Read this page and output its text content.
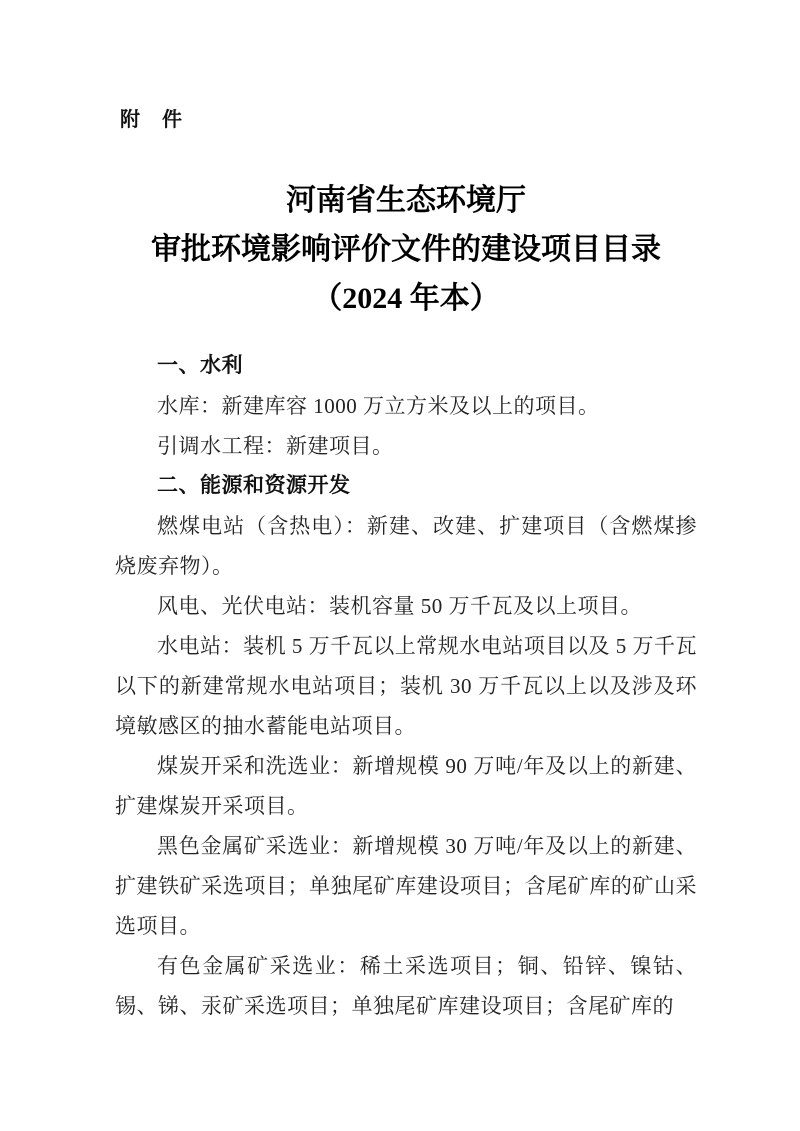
附　件
河南省生态环境厅
审批环境影响评价文件的建设项目目录
（2024 年本）
一、水利

水库：新建库容 1000 万立方米及以上的项目。

引调水工程：新建项目。

二、能源和资源开发

燃煤电站（含热电）：新建、改建、扩建项目（含燃煤掺烧废弃物）。

风电、光伏电站：装机容量 50 万千瓦及以上项目。

水电站：装机 5 万千瓦以上常规水电站项目以及 5 万千瓦以下的新建常规水电站项目；装机 30 万千瓦以上以及涉及环境敏感区的抽水蓄能电站项目。

煤炭开采和洗选业：新增规模 90 万吨/年及以上的新建、扩建煤炭开采项目。

黑色金属矿采选业：新增规模 30 万吨/年及以上的新建、扩建铁矿采选项目；单独尾矿库建设项目；含尾矿库的矿山采选项目。

有色金属矿采选业：稀土采选项目；铜、铅锌、镍钴、锡、锑、汞矿采选项目；单独尾矿库建设项目；含尾矿库的
